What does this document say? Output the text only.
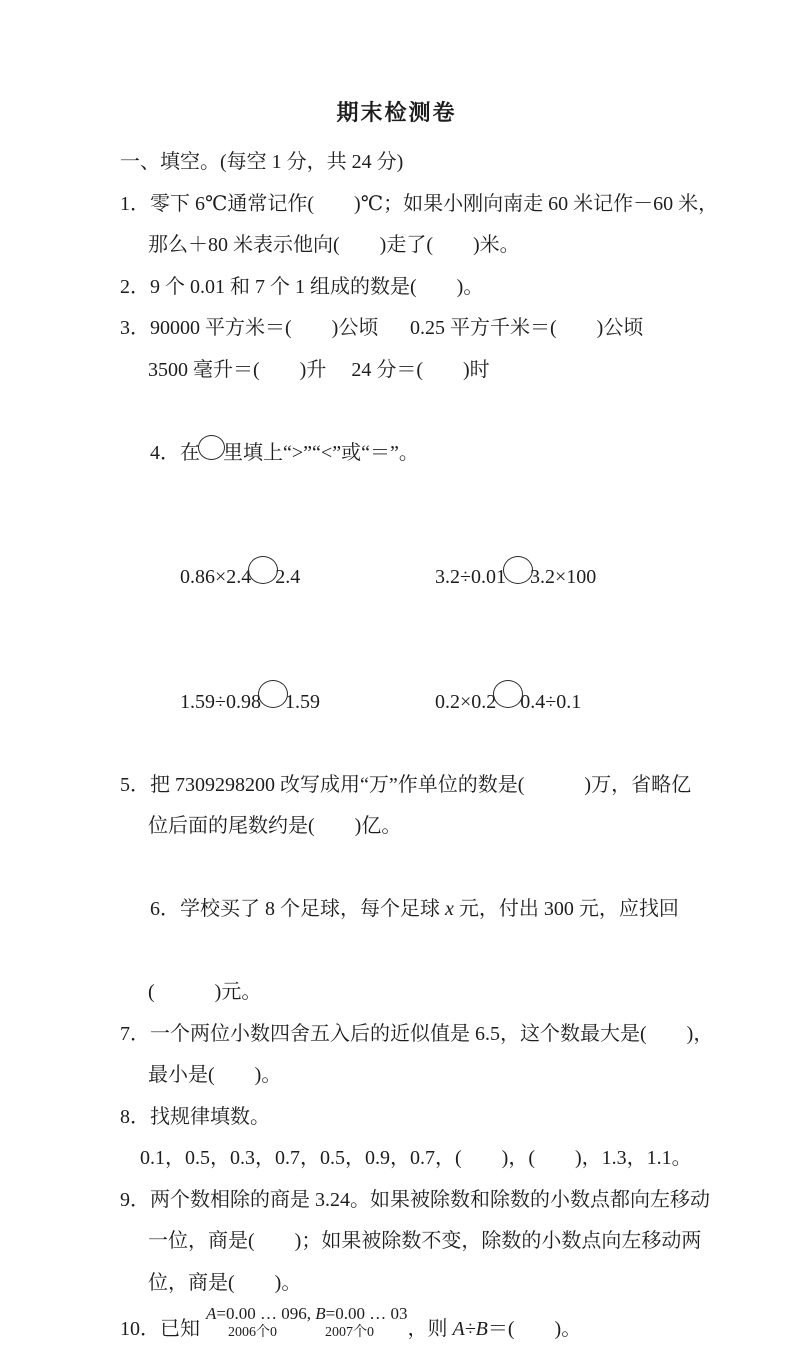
期末检测卷
一、填空。(每空 1 分，共 24 分)
1．零下 6℃通常记作(　　)℃；如果小刚向南走 60 米记作－60 米，
那么＋80 米表示他向(　　)走了(　　)米。
2．9 个 0.01 和 7 个 1 组成的数是(　　)。
3．90000 平方米＝(　　)公顷	0.25 平方千米＝(　　)公顷
3500 毫升＝(　　)升　 24 分＝(　　)时

4．在 里填上“>”“<”或“＝”。

0.86×2.4 2.4
	3.2÷0.01 3.2×100

1.59÷0.98 1.59
	0.2×0.2 0.4÷0.1

5．把 7309298200 改写成用“万”作单位的数是(　　　)万，省略亿
位后面的尾数约是(　　)亿。

6．学校买了 8 个足球，每个足球 x 元，付出 300 元，应找回

(　　　)元。
7．一个两位小数四舍五入后的近似值是 6.5，这个数最大是(　　)，
最小是(　　)。
8．找规律填数。
0.1，0.5，0.3，0.7，0.5，0.9，0.7，(　　)，(　　)，1.3，1.1。
9．两个数相除的商是 3.24。如果被除数和除数的小数点都向左移动
一位，商是(　　)；如果被除数不变，除数的小数点向左移动两
位，商是(　　)。
10．已知
A=0.00 … 096, B=0.00 … 03
2006个0	2007个0 ，则 A÷B＝(　　)。
